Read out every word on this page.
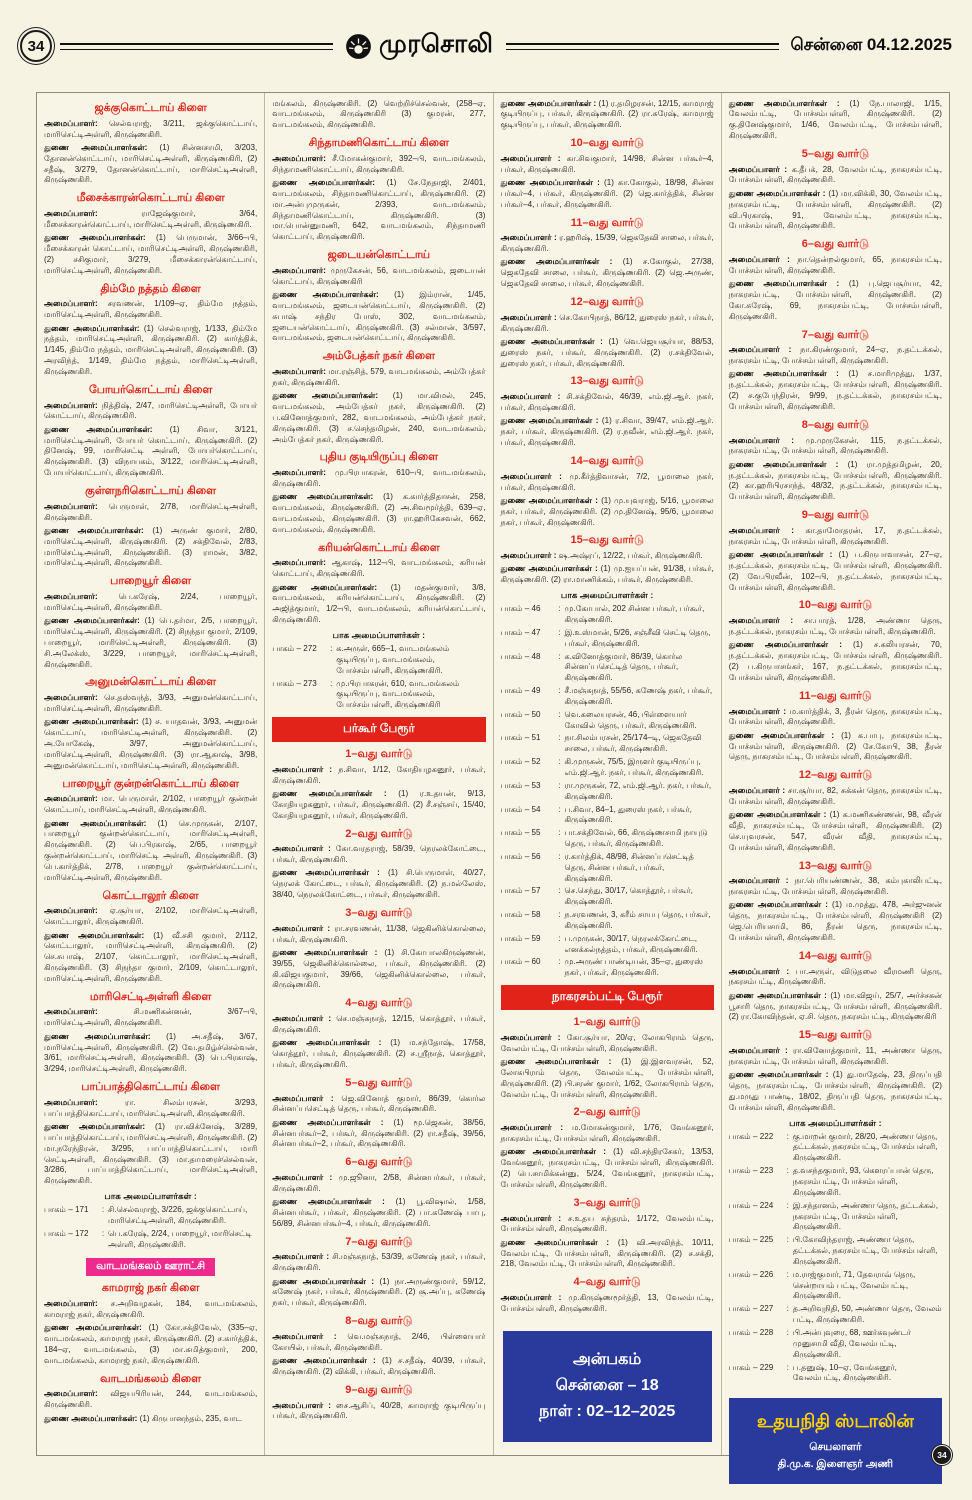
34	முரசொலி	சென்னை 04.12.2025
ஜக்குகொட்டாய் கிளை

அமைப்பாளர்: செல்வராஜ், 3/211, ஜக்குகொட்டாய், மாரிசெட்டிஅள்ளி, கிருஷ்ணகிரி.

துணை அமைப்பாளர்கள்: (1) சின்னசாமி, 3/203, தோனன்கொட்டாய், மாரிசெட்டிஅள்ளி, கிருஷ்ணகிரி, (2) சதீஷ், 3/279, தோனன்கொட்டாய், மாரிசெட்டிஅள்ளி, கிருஷ்ணகிரி.

மீசைக்காரன்கொட்டாய் கிளை

அமைப்பாளர்:	ராஜேஷ்குமார், 3/64, மீசைக்காரன்கொட்டாய், மாரிசெட்டிஅள்ளி, கிருஷ்ணகிரி.

துணை அமைப்பாளர்கள்: (1) பெருமான், 3/66–பி, மீசைக்காரன் கொட்டாய், மாரிசெட்டிஅள்ளி, கிருஷ்ணகிரி, (2) சசிகுமார், 3/279, மீசைக்காரன்கொட்டாய், மாரிசெட்டிஅள்ளி, கிருஷ்ணகிரி.

திம்மே நத்தம் கிளை

அமைப்பாளர்: சரவணன், 1/109–ஏ, திம்மே நத்தம், மாரிசெட்டிஅள்ளி, கிருஷ்ணகிரி.

துணை அமைப்பாளர்கள்: (1) செல்வராஜ், 1/133, திம்மே நத்தம், மாரிசெட்டிஅள்ளி, கிருஷ்ணகிரி. (2) கார்த்திக், 1/145, திம்மே நத்தம், மாரிசெட்டிஅள்ளி, கிருஷ்ணகிரி. (3) அரவிந்த், 1/149, திம்மே நத்தம், மாரிசெட்டிஅள்ளி, கிருஷ்ணகிரி.

போயர்கொட்டாய் கிளை

அமைப்பாளர்: நித்திஷ், 2/47, மாரிசெட்டிஅள்ளி, போயர் கொட்டாய், கிருஷ்ணகிரி.

துணை அமைப்பாளர்கள்: (1) சிவா, 3/121, மாரிசெட்டிஅள்ளி, போயர் கொட்டாய், கிருஷ்ணகிரி. (2) தினேஷ், 99, மாரிசெட்டி அள்ளி, போயர்கொட்டாய், கிருஷ்ணகிரி. (3) விநாயகம், 3/122, மாரிசெட்டிஅள்ளி, போயர்கொட்டாய், கிருஷ்ணகிரி.

குள்ளநரிகொட்டாய் கிளை

அமைப்பாளர்: பெருமாள், 2/78, மாரிசெட்டிஅள்ளி, கிருஷ்ணகிரி.

துணை அமைப்பாளர்கள்: (1) அருண் குமார், 2/80, மாரிசெட்டிஅள்ளி, கிருஷ்ணகிரி. (2) சக்திவேல், 2/83, மாரிசெட்டிஅள்ளி, கிருஷ்ணகிரி. (3) ராமன், 3/82, மாரிசெட்டிஅள்ளி, கிருஷ்ணகிரி.

பாறையூர் கிளை

அமைப்பாளர்:	பெ.கரேஷ், 2/24, பாறையூர், மாரிசெட்டிஅள்ளி, கிருஷ்ணகிரி.

துணை அமைப்பாளர்கள்: (1) பெ.தர்மா, 2/5, பாறையூர், மாரிசெட்டிஅள்ளி, கிருஷ்ணகிரி. (2) சிநந்தா குமார், 2/109, பாறையூர், மாரிசெட்டிஅள்ளி, கிருஷ்ணகிரி. (3) சி.அலேக்ஸ், 3/229, பாறையூர், மாரிசெட்டிஅள்ளி, கிருஷ்ணகிரி.

அனுமன்கொட்டாய் கிளை

அமைப்பாளர்: செ.தஸ்வந்த், 3/93, அனுமன்கொட்டாய், மாரிசெட்டிஅள்ளி, கிருஷ்ணகிரி.

துணை அமைப்பாளர்கள்: (1) ச. யாதவன், 3/93, அனுமன் கொட்டாய், மாரிசெட்டிஅள்ளி, கிருஷ்ணகிரி. (2) அ.யோகேஷ், 3/97, அனுமன்கொட்டாய், மாரிசெட்டிஅள்ளி, கிருஷ்ணகிரி. (3) ரா.ஆகாஷ், 3/98, அனுமன்கொட்டாய், மாரிசெட்டிஅள்ளி, கிருஷ்ணகிரி.

பாறையூர் குன்றன்கொட்டாய் கிளை

அமைப்பாளர்: மா. பெருமாள், 2/102, பாறையூர் குன்றன் கொட்டாய், மாரிசெட்டிஅள்ளி, கிருஷ்ணகிரி.

துணை அமைப்பாளர்கள்: (1) செ.முருகன், 2/107, பாறையூர் குன்றன்கொட்டாய், மாரிசெட்டிஅள்ளி, கிருஷ்ணகிரி. (2) பெ.பிரகாஷ், 2/65, பாறையூர் குன்றன்கொட்டாய், மாரிசெட்டி அள்ளி, கிருஷ்ணகிரி. (3) பெ.கார்த்திக், 2/78, பாறையூர் குன்றன்கொட்டாய், மாரிசெட்டிஅள்ளி, கிருஷ்ணகிரி.

கொட்டாலூர் கிளை

அமைப்பாளர்: ஏ.சூர்யா, 2/102, மாரிசெட்டிஅள்ளி, கொட்டாலூர், கிருஷ்ணகிரி.

துணை அமைப்பாளர்கள்: (1) வீ.சசி குமார், 2/112, கொட்டாலூர், மாரிசெட்டிஅள்ளி, கிருஷ்ணகிரி. (2) செ.சுபாஷ், 2/107, கொட்டாலூர், மாரிசெட்டிஅள்ளி, கிருஷ்ணகிரி. (3) சிநந்தா குமார், 2/109, கொட்டாலூர், மாரிசெட்டிஅள்ளி, கிருஷ்ணகிரி.

மாரிசெட்டிஅள்ளி கிளை

அமைப்பாளர்:	சி.மணிகன்னன், 3/67–பி, மாரிசெட்டிஅள்ளி, கிருஷ்ணகிரி.

துணை அமைப்பாளர்கள்: (1) அ.சதீஷ், 3/67, மாரிசெட்டிஅள்ளி, கிருஷ்ணகிரி. (2) வே.தமிழ்ச்செல்வன், 3/61, மாரிசெட்டிஅள்ளி, கிருஷ்ணகிரி. (3) பெ.பிரகாஷ், 3/294, மாரிசெட்டிஅள்ளி, கிருஷ்ணகிரி.

பாப்பாத்திகொட்டாய் கிளை

அமைப்பாளர்:	ரா. சிலம்பரசன், 3/293, பாப்பாத்திகொட்டாய், மாரிசெட்டிஅள்ளி, கிருஷ்ணகிரி.

துணை அமைப்பாளர்கள்: (1) ரா.விக்னேஷ், 3/289, பாப்பாத்திகொட்டாய், மாரிசெட்டிஅள்ளி, கிருஷ்ணகிரி. (2) மா.நரேந்திரன், 3/295, பாப்பாத்திகொட்டாய், மாரி செட்டிஅள்ளி, கிருஷ்ணகிரி. (3) மா.தாமரைச்செல்வன், 3/286, பாப்பாத்திகொட்டாய், மாரிசெட்டிஅள்ளி, கிருஷ்ணகிரி.

பாக அமைப்பாளர்கள் :
பாகம் – 171	: சி.செல்வராஜ், 3/226, ஜக்குகொட்டாய், மாரிசெட்டிஅள்ளி, கிருஷ்ணகிரி.
பாகம் – 172	: பெ.கரேஷ், 2/24, பாறையூர், மாரிசெட்டி அள்ளி, கிருஷ்ணகிரி.
வாடமங்கலம் ஊராட்சி
காமராஜ் நகர் கிளை

அமைப்பாளர்: ச.அறிவழகன், 184, வாடமங்கலம், காமராஜ் நகர், கிருஷ்ணகிரி.

துணை அமைப்பாளர்கள்: (1) கோ.சக்திவேல், (335–ஏ, வாடமங்கலம், காமராஜ் நகர், கிருஷ்ணகிரி. (2) ச.கார்த்திக், 184–ஏ, வாடமங்கலம், (3) மா.சுமித்குமார், 200, வாடமங்கலம், காமராஜ் நகர், கிருஷ்ணகிரி.

வாடமங்கலம் கிளை

அமைப்பாளர்: விஜயபிரியன், 244, வாடமங்கலம், கிருஷ்ணகிரி.

துணை அமைப்பாளர்கள்: (1) கிருபானந்தம், 235, வாட

மங்கலம், கிருஷ்ணகிரி. (2) வெற்றிச்செல்வன், (258–ஏ, வாடமங்கலம், கிருஷ்ணகிரி (3) குமரன், 277, வாடமங்கலம், கிருஷ்ணகிரி.

சிந்தாமணிகொட்டாய் கிளை

அமைப்பாளர்: சீ.மோகன்குமார், 392–பி, வாடமங்கலம், சிந்தாமணிகொட்டாய், கிருஷ்ணகிரி.

துணை அமைப்பாளர்கள்: (1) சே.நேதாஜி, 2/401, வாடமங்கலம், சிந்தாமணிகொட்டாய், கிருஷ்ணகிரி. (2) மா.அன்புமுருகன், 2/393, வாடமங்கலம், சிந்தாமணிகொட்டாய், கிருஷ்ணகிரி. (3) மா.பொன்னுமணி, 642, வாடமங்கலம், சிந்தாமணி கொட்டாய், கிருஷ்ணகிரி.

ஜடையன்கொட்டாய்

அமைப்பாளர்: முருகேசன், 56, வாடமங்கலம், ஜடையன் கொட்டாய், கிருஷ்ணகிரி

துணை அமைப்பாளர்கள்: (1) இம்ரான், 1/45, வாடமங்கலம், ஜடையன்கொட்டாய், கிருஷ்ணகிரி. (2) சுபாஷ் சந்திர போஸ், 302, வாடமங்கலம், ஜடையன்கொட்டாய், கிருஷ்ணகிரி. (3) சல்மான், 3/597, வாடமங்கலம், ஜடையன்கொட்டாய், கிருஷ்ணகிரி.

அம்பேத்கர் நகர் கிளை

அமைப்பாளர்: மா.ரஞ்சித், 579, வாடமங்கலம், அம்பேத்கர் நகர், கிருஷ்ணகிரி.

துணை அமைப்பாளர்கள்: (1) மா.விமல், 245, வாடமங்கலம், அம்பேத்கர் நகர், கிருஷ்ணகிரி. (2) ப.வினோத்குமார், 282, வாடமங்கலம், அம்பேத்கர் நகர், கிருஷ்ணகிரி. (3) ச.செந்தமிழன், 240, வாடமங்கலம், அம்பேத்கர் நகர், கிருஷ்ணகிரி.

புதிய குடியிருப்பு கிளை

அமைப்பாளர்: மு.பிரபாகரன், 610–பி, வாடமங்கலம், கிருஷ்ணகிரி.

துணை அமைப்பாளர்கள்: (1) க.கார்த்திதாசன், 258, வாடமங்கலம், கிருஷ்ணகிரி. (2) அ.சிவமூர்த்தி, 639–ஏ, வாடமங்கலம், கிருஷ்ணகிரி. (3) ரா.ஹரிகேசவன், 662, வாடமங்கலம், கிருஷ்ணகிரி.

கரியன்கொட்டாய் கிளை

அமைப்பாளர்: ஆகாஷ், 112–பி, வாடமங்கலம், கரியன் கொட்டாய், கிருஷ்ணகிரி.

துணை அமைப்பாளர்கள்: (1) மதன்குமார், 3/8, வாடமங்கலம், கரியன்கொட்டாய், கிருஷ்ணகிரி. (2) அஜித்குமார், 1/2–பி, வாடமங்கலம், கரியன்கொட்டாய், கிருஷ்ணகிரி.

பாக அமைப்பாளர்கள் :
பாகம் – 272	: க.அருள், 665–1, வாடமங்கலம் குடியிருப்பு, வாடமங்கலம், போச்சம்பள்ளி, கிருஷ்ணகிரி.
பாகம் – 273	: மு.பிரபாகரன், 610, வாடமங்கலம் குடியிருப்பு, வாடமங்கலம், போச்சம்பள்ளி, கிருஷ்ணகிரி
பர்கூர் பேரூர்
1–வது வார்டு

அமைப்பாளர் : ந.சிவா, 1/12, கோதியழகனூர், பர்கூர், கிருஷ்ணகிரி.

துணை அமைப்பாளர்கள் : (1) ர.உதயன், 9/13, கோதியழகனூர், பர்கூர், கிருஷ்ணகிரி. (2) சீ.சஞ்சய், 15/40, கோதியழகனூர், பர்கூர், கிருஷ்ணகிரி.

2–வது வார்டு

அமைப்பாளர் : கோ.வரதராஜ், 58/39, நெரலக்கோட்டை, பர்கூர், கிருஷ்ணகிரி.

துணை அமைப்பாளர்கள் : (1) சி.பெருமாள், 40/27, நெரலக் கோட்டை, பர்கூர், கிருஷ்ணகிரி. (2) ந.மல்லேஸ், 38/40, நெரலக்கோட்டை, பர்கூர், கிருஷ்ணகிரி.

3–வது வார்டு

அமைப்பாளர் : ரா.சரவணன், 11/38, ஜெகினிக்கொல்லை, பர்கூர், கிருஷ்ணகிரி.

துணை அமைப்பாளர்கள் : (1) சி.கோபாலகிருஷ்ணன், 39/55, ஜெகினிக்கொல்லை, பர்கூர், கிருஷ்ணகிரி. (2) கி.விஜயகுமார், 39/66, ஜெகினிக்கொல்லை, பர்கூர், கிருஷ்ணகிரி.

4–வது வார்டு

அமைப்பாளர் : செ.மஞ்சுநாத், 12/15, கொத்தூர், பர்கூர், கிருஷ்ணகிரி.

துணை அமைப்பாளர்கள் : (1) ம.சந்தோஷ், 17/58, கொத்தூர், பர்கூர், கிருஷ்ணகிரி. (2) ச.ஸ்ரீநாத், கொத்தூர், பர்கூர், கிருஷ்ணகிரி.

5–வது வார்டு

அமைப்பாளர் : ஜெ.வினோத் குமார், 86/39, கொர்ல சின்னப்பசெட்டித் தெரு, பர்கூர், கிருஷ்ணகிரி.

துணை அமைப்பாளர்கள் : (1) மூ.ஜெகன், 38/56, சின்னபர்கூர்–2, பர்கூர், கிருஷ்ணகிரி. (2) ரா.சதீஷ், 39/56, சின்னபர்கூர்–2, பர்கூர், கிருஷ்ணகிரி.

6–வது வார்டு

அமைப்பாளர் : மு.ஜூனா, 2/58, சின்னபர்கூர், பர்கூர், கிருஷ்ணகிரி.

துணை அமைப்பாளர்கள் : (1) பூ.விஷால், 1/58, சின்னபர்கூர், பர்கூர், கிருஷ்ணகிரி. (2) பா.கணேஷ் பாபு, 56/89, சின்னபர்கூர்–4, பர்கூர், கிருஷ்ணகிரி.

7–வது வார்டு

அமைப்பாளர் : சி.மஞ்சுநாத், 53/39, கணேஷ் நகர், பர்கூர், கிருஷ்ணகிரி.

துணை அமைப்பாளர்கள் : (1) நா.அருண்குமார், 59/12, கணேஷ் நகர், பர்கூர், கிருஷ்ணகிரி. (2) சூ.அப்பு, கணேஷ் நகர், பர்கூர், கிருஷ்ணகிரி.

8–வது வார்டு

அமைப்பாளர் : வெ.மஞ்சுநாத், 2/46, பிள்ளையார் கோயில், பர்கூர், கிருஷ்ணகிரி.

துணை அமைப்பாளர்கள் : (1) ச.சதீஷ், 40/39, பர்கூர், கிருஷ்ணகிரி. (2) விக்கி, பர்கூர், கிருஷ்ணகிரி.

9–வது வார்டு

அமைப்பாளர் : சை.ஆசிப், 40/28, காமராஜ் குடியிருப்பு பர்கூர், கிருஷ்ணகிரி.

துணை அமைப்பாளர்கள் : (1) ர.தமிழரசன், 12/15, காமராஜ் குடியிருப்பு, பர்கூர், கிருஷ்ணகிரி. (2) ரா.சுரேஷ், காமராஜ் குடியிருப்பு, பர்கூர், கிருஷ்ணகிரி.

10–வது வார்டு

அமைப்பாளர் : கா.சிவகுமார், 14/98, சின்ன பர்கூர்–4, பர்கூர், கிருஷ்ணகிரி.

துணை அமைப்பாளர்கள் : (1) கா.கோகுல், 18/98, சின்ன பர்கூர்–4, பர்கூர், கிருஷ்ணகிரி. (2) ஜெ.கார்த்திக், சின்ன பர்கூர்–4, பர்கூர், கிருஷ்ணகிரி.

11–வது வார்டு

அமைப்பாளர் : ர.ஹரிஷ், 15/39, ஜெகதேவி சாலை, பர்கூர், கிருஷ்ணகிரி.

துணை அமைப்பாளர்கள் : (1) ச.கோகுல், 27/38, ஜெகதேவி சாலை, பர்கூர், கிருஷ்ணகிரி. (2) ஜெ.அருண், ஜெகதேவி சாலை, பர்கூர், கிருஷ்ணகிரி.

12–வது வார்டு

அமைப்பாளர் : செ.கோபிநாத், 86/12, துரைஸ் நகர், பர்கூர், கிருஷ்ணகிரி.

துணை அமைப்பாளர்கள் : (1) வெ.ஜெயசூர்யா, 88/53, துரைஸ் நகர், பர்கூர், கிருஷ்ணகிரி. (2) ர.சக்திவேல், துரைஸ் நகர், பர்கூர், கிருஷ்ணகிரி.

13–வது வார்டு

அமைப்பாளர் : சி.சக்திவேல், 46/39, எம்.ஜி.ஆர். நகர், பர்கூர், கிருஷ்ணகிரி.

துணை அமைப்பாளர்கள் : (1) ர.சிவா, 39/47, எம்.ஜி.ஆர். நகர், பர்கூர், கிருஷ்ணகிரி. (2) ர.நவீன், எம்.ஜி.ஆர். நகர், பர்கூர், கிருஷ்ணகிரி.

14–வது வார்டு

அமைப்பாளர் : மு.கீர்த்திவாசன், 7/2, பூமாலை நகர், பர்கூர், கிருஷ்ணகிரி.

துணை அமைப்பாளர்கள் : (1) மு.யுவராஜ், 5/16, பூமாலை நகர், பர்கூர், கிருஷ்ணகிரி. (2) மு.தினேஷ், 95/6, பூமாலை நகர், பர்கூர், கிருஷ்ணகிரி.

15–வது வார்டு

அமைப்பாளர் : ஷ.அஷ்ரப், 12/22, பர்கூர், கிருஷ்ணகிரி.

துணை அமைப்பாளர்கள் : (1) மு.ஐயப்பன், 91/38, பர்கூர், கிருஷ்ணகிரி. (2) ரா.மாணிக்கம், பர்கூர், கிருஷ்ணகிரி.

பாக அமைப்பாளர்கள் :
பாகம் – 46	: மு.கோபால், 202 சின்ன பர்கூர், பர்கூர், கிருஷ்ணகிரி.
பாகம் – 47	: இ.உஸ்மான், 5/26, சஞ்சீவி செட்டி தெரு, பர்கூர், கிருஷ்ணகிரி.
பாகம் – 48	: க.வினோத்குமார், 86/39, கொர்ல சின்னப்பசெட்டித் தெரு, பர்கூர், கிருஷ்ணகிரி.
பாகம் – 49	: சீ.மஞ்சுநாத், 55/56, கணேஷ் நகர், பர்கூர், கிருஷ்ணகிரி.
பாகம் – 50	: வெ.கலையரசன், 46, பிள்ளையார் கோவில் தெரு, பர்கூர், கிருஷ்ணகிரி.
பாகம் – 51	: நா.சிலம்பரசன், 25/174–டி, ஜெகதேவி சாலை, பர்கூர், கிருஷ்ணகிரி.
பாகம் – 52	: கி.முருகன், 75/5, இருளர் குடியிருப்பு, எம்.ஜி.ஆர். நகர், பர்கூர், கிருஷ்ணகிரி.
பாகம் – 53	: ரா.முருகன், 72, எம்.ஜி.ஆர். நகர், பர்கூர், கிருஷ்ணகிரி.
பாகம் – 54	: ப.சிவா, 84–1, துரைஸ் நகர், பர்கூர், கிருஷ்ணகிரி.
பாகம் – 55	: பா.சக்திவேல், 66, கிருஷ்ணசாமி நாயுடு தெரு, பர்கூர், கிருஷ்ணகிரி.
பாகம் – 56	: ர.கார்த்திக், 48/98, சின்னப்பசெட்டித் தெரு, சின்ன பர்கூர், பர்கூர், கிருஷ்ணகிரி.
பாகம் – 57	: செ.செந்து, 30/17, கொத்தூர், பர்கூர், கிருஷ்ணகிரி.
பாகம் – 58	: ந.சரவணன், 3, கரீம் சாயபு தெரு, பர்கூர், கிருஷ்ணகிரி.
பாகம் – 59	: ப.முருகன், 30/17, நெரலக்கோட்டை, எனக்கல்நத்தம், பர்கூர், கிருஷ்ணகிரி.
பாகம் – 60	: மு.அருண் பாண்டியன், 35–ஏ, துரைஸ் நகர், பர்கூர், கிருஷ்ணகிரி.
நாகரசம்பட்டி பேரூர்
1–வது வார்டு

அமைப்பாளர் : கோ.சூர்யா, 20/ஏ, லோகபிராம் தெரு, வேலம்பட்டி, போச்சம்பள்ளி, கிருஷ்ணகிரி.

துணை அமைப்பாளர்கள் : (1) இ.இளவரசன், 52, லோகபிராம் தெரு, வேலம்பட்டி, போச்சம்பள்ளி, கிருஷ்ணகிரி. (2) பி.சரண் குமார், 1/62, லோகபிராம் தெரு, வேலம்பட்டி, போச்சம்பள்ளி, கிருஷ்ணகிரி.

2–வது வார்டு

அமைப்பாளர் : ம.மோகன்குமார், 1/76, வேங்கனூர், நாகரசம்பட்டி, போச்சம்பள்ளி, கிருஷ்ணகிரி.

துணை அமைப்பாளர்கள் : (1) வி.சந்திரசேகர், 13/53, வேங்கனூர், நாகரசம்பட்டி, போச்சம்பள்ளி, கிருஷ்ணகிரி. (2) பெ.சாமிக்கன்னு, 5/24, வேங்கனூர், நாகரசம்பட்டி, போச்சம்பள்ளி, கிருஷ்ணகிரி.

3–வது வார்டு

அமைப்பாளர் : ச.உதய சுந்தரம், 1/172, வேலம்பட்டி, போச்சம்பள்ளி, கிருஷ்ணகிரி.

துணை அமைப்பாளர்கள் : (1) வி.அரவிந்த், 10/11, வேலம்பட்டி, போச்சம்பள்ளி, கிருஷ்ணகிரி. (2) ச.சக்தி, 218, வேலம்பட்டி, போச்சம்பள்ளி, கிருஷ்ணகிரி.

4–வது வார்டு

அமைப்பாளர் : மு.கிருஷ்ணமூர்த்தி, 13, வேலம்பட்டி, போச்சம்பள்ளி, கிருஷ்ணகிரி.

அன்பகம்
சென்னை – 18
நாள் : 02–12–2025

துணை அமைப்பாளர்கள் : (1) நே.பாலாஜி, 1/15, வேலம்பட்டி, போச்சம்பள்ளி, கிருஷ்ணகிரி. (2) கு.தினேஷ்குமார், 1/46, வேலம்பட்டி, போச்சம்பள்ளி, கிருஷ்ணகிரி.

5–வது வார்டு

அமைப்பாளர் : க.தீபக், 28, வேலம்பட்டி, நாகரசம்பட்டி, போச்சம்பள்ளி, கிருஷ்ணகிரி.

துணை அமைப்பாளர்கள் : (1) மா.விக்கி, 30, வேலம்பட்டி, நாகரசம்பட்டி, போச்சம்பள்ளி, கிருஷ்ணகிரி. (2) வி.பிரகாஷ், 91, வேலம்பட்டி, நாகரசம்பட்டி, போச்சம்பள்ளி, கிருஷ்ணகிரி.

6–வது வார்டு

அமைப்பாளர் : நா.தென்றல்குமார், 65, நாகரசம்பட்டி, போச்சம்பள்ளி, கிருஷ்ணகிரி.

துணை அமைப்பாளர்கள் : (1) பு.ஜெபசூர்யா, 42, நாகரசம்பட்டி, போச்சம்பள்ளி, கிருஷ்ணகிரி. (2) கோ.சுரேஷ், 69, நாகரசம்பட்டி, போச்சம்பள்ளி, கிருஷ்ணகிரி.

7–வது வார்டு

அமைப்பாளர் : நா.கிரண்குமார், 24–ஏ, ந.தட்டக்கல், நாகரசம்பட்டி, போச்சம்பள்ளி, கிருஷ்ணகிரி.

துணை அமைப்பாளர்கள் : (1) ச.மாரிமுத்து, 1/37, ந.தட்டக்கல், நாகரசம்பட்டி, போச்சம்பள்ளி, கிருஷ்ணகிரி. (2) ச.குபேந்திரன், 9/99, ந.தட்டக்கல், நாகரசம்பட்டி, போச்சம்பள்ளி, கிருஷ்ணகிரி.

8–வது வார்டு

அமைப்பாளர் : மு.முருகேசன், 115, ந.தட்டக்கல், நாகரசம்பட்டி, போச்சம்பள்ளி, கிருஷ்ணகிரி.

துணை அமைப்பாளர்கள் : (1) ரா.முத்தமிழன், 20, ந.தட்டக்கல், நாகரசம்பட்டி, போச்சம்பள்ளி, கிருஷ்ணகிரி. (2) கா.ஹரிபிரசாந்த், 48/32, ந.தட்டக்கல், நாகரசம்பட்டி, போச்சம்பள்ளி, கிருஷ்ணகிரி.

9–வது வார்டு

அமைப்பாளர் : கா.தாமோதரன், 17, ந.தட்டக்கல், நாகரசம்பட்டி, போச்சம்பள்ளி, கிருஷ்ணகிரி.

துணை அமைப்பாளர்கள் : (1) ப.கிருபாவாசன், 27–ஏ, ந.தட்டக்கல், நாகரசம்பட்டி, போச்சம்பள்ளி, கிருஷ்ணகிரி. (2) வே.பிரவீன், 102–பி, ந.தட்டக்கல், நாகரசம்பட்டி, போச்சம்பள்ளி, கிருஷ்ணகிரி.

10–வது வார்டு

அமைப்பாளர் : சா.பாரத், 1/28, அண்ணா தெரு, ந.தட்டக்கல், நாகரசம்பட்டி, போச்சம்பள்ளி, கிருஷ்ணகிரி.

துணை அமைப்பாளர்கள் : (1) ச.கலியரசன், 70, ந.தட்டக்கல், நாகரசம்பட்டி, போச்சம்பள்ளி, கிருஷ்ணகிரி. (2) ப.கிருபாசங்கர், 167, ந.தட்டக்கல், நாகரசம்பட்டி, போச்சம்பள்ளி, கிருஷ்ணகிரி.

11–வது வார்டு

அமைப்பாளர் : ம.கார்த்திக், 3, தீரன் தெரு, நாகரசம்பட்டி, போச்சம்பள்ளி, கிருஷ்ணகிரி.

துணை அமைப்பாளர்கள் : (1) க.பாபு, நாகரசம்பட்டி, போச்சம்பள்ளி, கிருஷ்ணகிரி. (2) சே.கோபி, 38, தீரன் தெரு, நாகரசம்பட்டி, போச்சம்பள்ளி, கிருஷ்ணகிரி.

12–வது வார்டு

அமைப்பாளர் : சா.சூர்யா, 82, சுக்கன் தெரு, நாகரசம்பட்டி, போச்சம்பள்ளி, கிருஷ்ணகிரி.

துணை அமைப்பாளர்கள் : (1) க.மணிகண்ணன், 98, வீரன் வீதி, நாகரசம்பட்டி, போச்சம்பள்ளி, கிருஷ்ணகிரி. (2) செ.யுவரசன், 547, வீரன் வீதி, நாகரசம்பட்டி, போச்சம்பள்ளி, கிருஷ்ணகிரி.

13–வது வார்டு

அமைப்பாளர் : நா.பெரியண்ணன், 38, கம்புகாலிபட்டி, நாகரசம்பட்டி, போச்சம்பள்ளி, கிருஷ்ணகிரி.

துணை அமைப்பாளர்கள் : (1) ம.முத்து, 478, அர்ஜுனன் தெரு, நாகரசம்பட்டி, போச்சம்பள்ளி, கிருஷ்ணகிரி (2) ஜெ.பெரியசாமி, 86, தீரன் தெரு, நாகரசம்பட்டி, போச்சம்பள்ளி, கிருஷ்ணகிரி.

14–வது வார்டு

அமைப்பாளர் : பா.அருள், விடுதலை வீரமணி தெரு, நகரசம்பட்டி, கிருஷ்ணகிரி.

துணை அமைப்பாளர்கள் : (1) மா.விஜய், 25/7, அர்ச்சகன் பூசாரி தெரு, நாகரசம்பட்டி, போச்சம்பள்ளி, கிருஷ்ணகிரி. (2) ரா.கோவிந்தன், ஏ.சி. தெரு, நகரசம்பட்டி, கிருஷ்ணகிரி

15–வது வார்டு

அமைப்பாளர் : ரா.வினோத்குமார், 11, அண்ணா தெரு, நாகரசம்பட்டி, போச்சம்பள்ளி, கிருஷ்ணகிரி.

துணை அமைப்பாளர்கள் : (1) து.மாதேஷ், 23, திருப்பதி தெரு, நாகரசம்பட்டி, போச்சம்பள்ளி, கிருஷ்ணகிரி. (2) து.மருது பாண்டி, 18/02, திருப்பதி தெரு, நாகரசம்பட்டி, போச்சம்பள்ளி, கிருஷ்ணகிரி.

பாக அமைப்பாளர்கள் :
பாகம் – 222	: கு.மாறன் குமார், 28/20, அண்ணா தெரு, தட்டக்கல், நகரசம்பட்டி, போச்சம்பள்ளி, கிருஷ்ணகிரி.
பாகம் – 223	: த.வசந்தகுமார், 93, கௌரப்பான் தெரு, நகரசம்பட்டி, போச்சம்பள்ளி, கிருஷ்ணகிரி.
பாகம் – 224	: இ.சந்தானம், அண்ணா தெரு, தட்டக்கல், நகரசம்பட்டி, போச்சம்பள்ளி, கிருஷ்ணகிரி.
பாகம் – 225	: பி.கோவிந்தராஜ், அண்ணா தெரு, தட்டக்கல், நகரசம்பட்டி, போச்சம்பள்ளி, கிருஷ்ணகிரி.
பாகம் – 226	: ம.ராஜ்குமார், 71, தேவராவ் தெரு, சென்றாயம் பட்டி, வேலம்பட்டி, கிருஷ்ணகிரி.
பாகம் – 227	: த.அறிவுநிதி, 50, அண்ணா தெரு, வேலம் பட்டி, கிருஷ்ணகிரி.
பாகம் – 228	: பி.அன்புவுரை, 68, ஊர்கவுண்டர் முனுசாமி வீதி, வேலம்பட்டி, கிருஷ்ணகிரி.
பாகம் – 229	: ப.தனுஷ், 10–ஏ, வேங்கனூர், வேலம்பட்டி, கிருஷ்ணகிரி.
உதயநிதி ஸ்டாலின்
செயலாளர்
தி.மு.க. இளைஞர் அணி
34
